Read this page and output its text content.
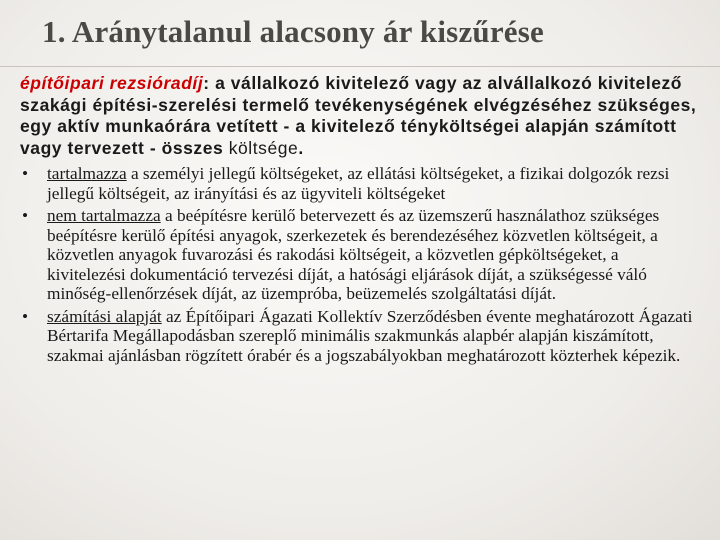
1. Aránytalanul alacsony ár kiszűrése

építőipari rezsióradíj: a vállalkozó kivitelező vagy az alvállalkozó kivitelező szakági építési-szerelési termelő tevékenységének elvégzéséhez szükséges, egy aktív munkaórára vetített - a kivitelező tényköltségei alapján számított vagy tervezett - összes költsége.

• tartalmazza a személyi jellegű költségeket, az ellátási költségeket, a fizikai dolgozók rezsi jellegű költségeit, az irányítási és az ügyviteli költségeket
• nem tartalmazza a beépítésre kerülő betervezett és az üzemszerű használathoz szükséges beépítésre kerülő építési anyagok, szerkezetek és berendezéséhez közvetlen költségeit, a közvetlen anyagok fuvarozási és rakodási költségeit, a közvetlen gépköltségeket, a kivitelezési dokumentáció tervezési díját, a hatósági eljárások díját, a szükségessé váló minőség-ellenőrzések díját, az üzempróba, beüzemelés szolgáltatási díját.
• számítási alapját az Építőipari Ágazati Kollektív Szerződésben évente meghatározott Ágazati Bértarifa Megállapodásban szereplő minimális szakmunkás alapbér alapján kiszámított, szakmai ajánlásban rögzített órabér és a jogszabályokban meghatározott közterhek képezik.
